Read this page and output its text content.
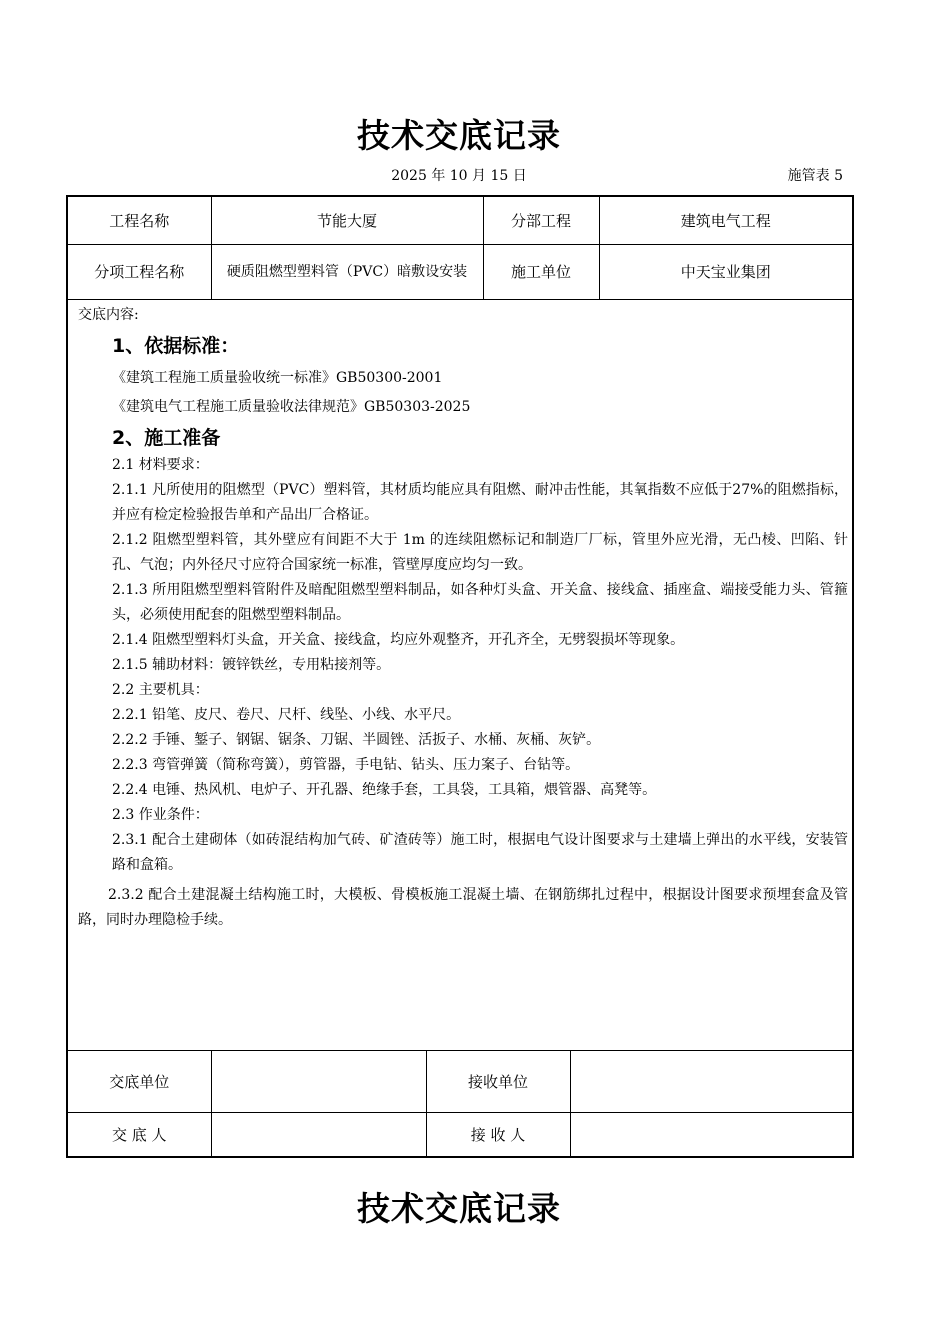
技术交底记录
2025 年 10 月 15 日	施管表 5
工程名称	节能大厦	分部工程	建筑电气工程
分项工程名称	硬质阻燃型塑料管（PVC）暗敷设安装	施工单位	中天宝业集团
交底内容:
1、依据标准：
《建筑工程施工质量验收统一标准》GB50300-2001
《建筑电气工程施工质量验收法律规范》GB50303-2025
2、施工准备
2.1 材料要求：
2.1.1 凡所使用的阻燃型（PVC）塑料管，其材质均能应具有阻燃、耐冲击性能，其氧指数不应低于27%的阻燃指标，并应有检定检验报告单和产品出厂合格证。
2.1.2 阻燃型塑料管，其外壁应有间距不大于 1m 的连续阻燃标记和制造厂厂标，管里外应光滑，无凸棱、凹陷、针孔、气泡；内外径尺寸应符合国家统一标准，管壁厚度应均匀一致。
2.1.3 所用阻燃型塑料管附件及暗配阻燃型塑料制品，如各种灯头盒、开关盒、接线盒、插座盒、端接受能力头、管箍头，必须使用配套的阻燃型塑料制品。
2.1.4 阻燃型塑料灯头盒，开关盒、接线盒，均应外观整齐，开孔齐全，无劈裂损坏等现象。
2.1.5 辅助材料：镀锌铁丝，专用粘接剂等。
2.2 主要机具：
2.2.1 铅笔、皮尺、卷尺、尺杆、线坠、小线、水平尺。
2.2.2 手锤、錾子、钢锯、锯条、刀锯、半圆锉、活扳子、水桶、灰桶、灰铲。
2.2.3 弯管弹簧（简称弯簧），剪管器，手电钻、钻头、压力案子、台钻等。
2.2.4 电锤、热风机、电炉子、开孔器、绝缘手套，工具袋，工具箱，煨管器、高凳等。
2.3 作业条件：
2.3.1 配合土建砌体（如砖混结构加气砖、矿渣砖等）施工时，根据电气设计图要求与土建墙上弹出的水平线，安装管路和盒箱。
2.3.2 配合土建混凝土结构施工时，大模板、骨模板施工混凝土墙、在钢筋绑扎过程中，根据设计图要求预埋套盒及管路，同时办理隐检手续。
交底单位		接收单位	
交 底 人		接 收 人	
技术交底记录
